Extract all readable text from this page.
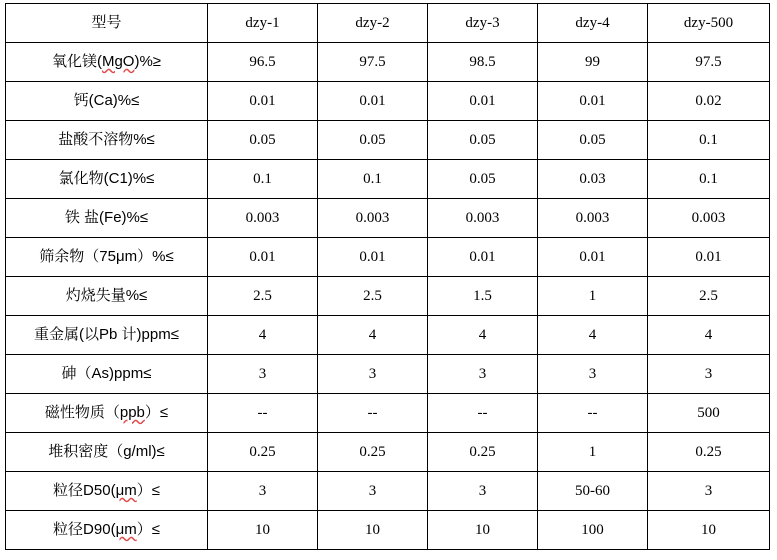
型号	dzy-1	dzy-2	dzy-3	dzy-4	dzy-500
氧化镁(MgO)%≥	96.5	97.5	98.5	99	97.5
钙(Ca)%≤	0.01	0.01	0.01	0.01	0.02
盐酸不溶物%≤	0.05	0.05	0.05	0.05	0.1
氯化物(C1)%≤	0.1	0.1	0.05	0.03	0.1
铁 盐(Fe)%≤	0.003	0.003	0.003	0.003	0.003
筛余物（75μm）%≤	0.01	0.01	0.01	0.01	0.01
灼烧失量%≤	2.5	2.5	1.5	1	2.5
重金属(以Pb 计)ppm≤	4	4	4	4	4
砷（As)ppm≤	3	3	3	3	3
磁性物质（ppb）≤	--	--	--	--	500
堆积密度（g/ml)≤	0.25	0.25	0.25	1	0.25
粒径D50(μm）≤	3	3	3	50-60	3
粒径D90(μm）≤	10	10	10	100	10
